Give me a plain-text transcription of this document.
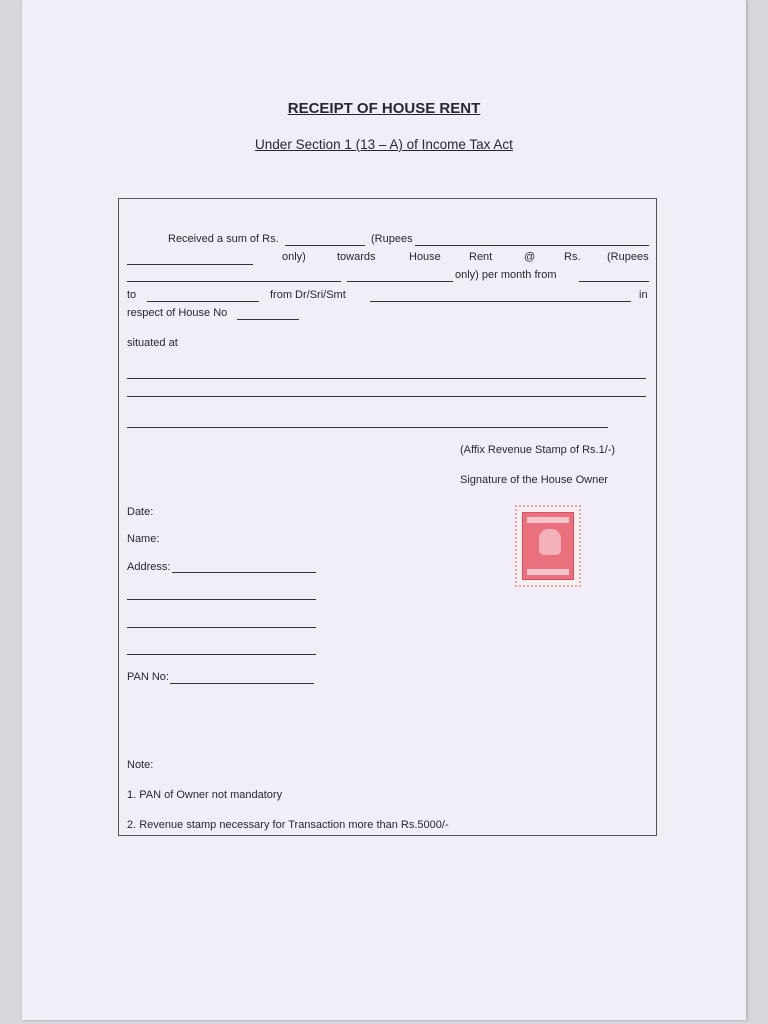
RECEIPT OF HOUSE RENT
Under Section 1 (13 – A) of Income Tax Act
Received a sum of Rs.	(Rupees
only)	towards	House	Rent	@	Rs. (Rupees
only) per month from
to	from Dr/Sri/Smt	in
respect of House No
situated at
(Affix Revenue Stamp of Rs.1/-)
Signature of the House Owner
Date:
Name:
Address:
PAN No:
Note:
1. PAN of Owner not mandatory
2. Revenue stamp necessary for Transaction more than Rs.5000/-
